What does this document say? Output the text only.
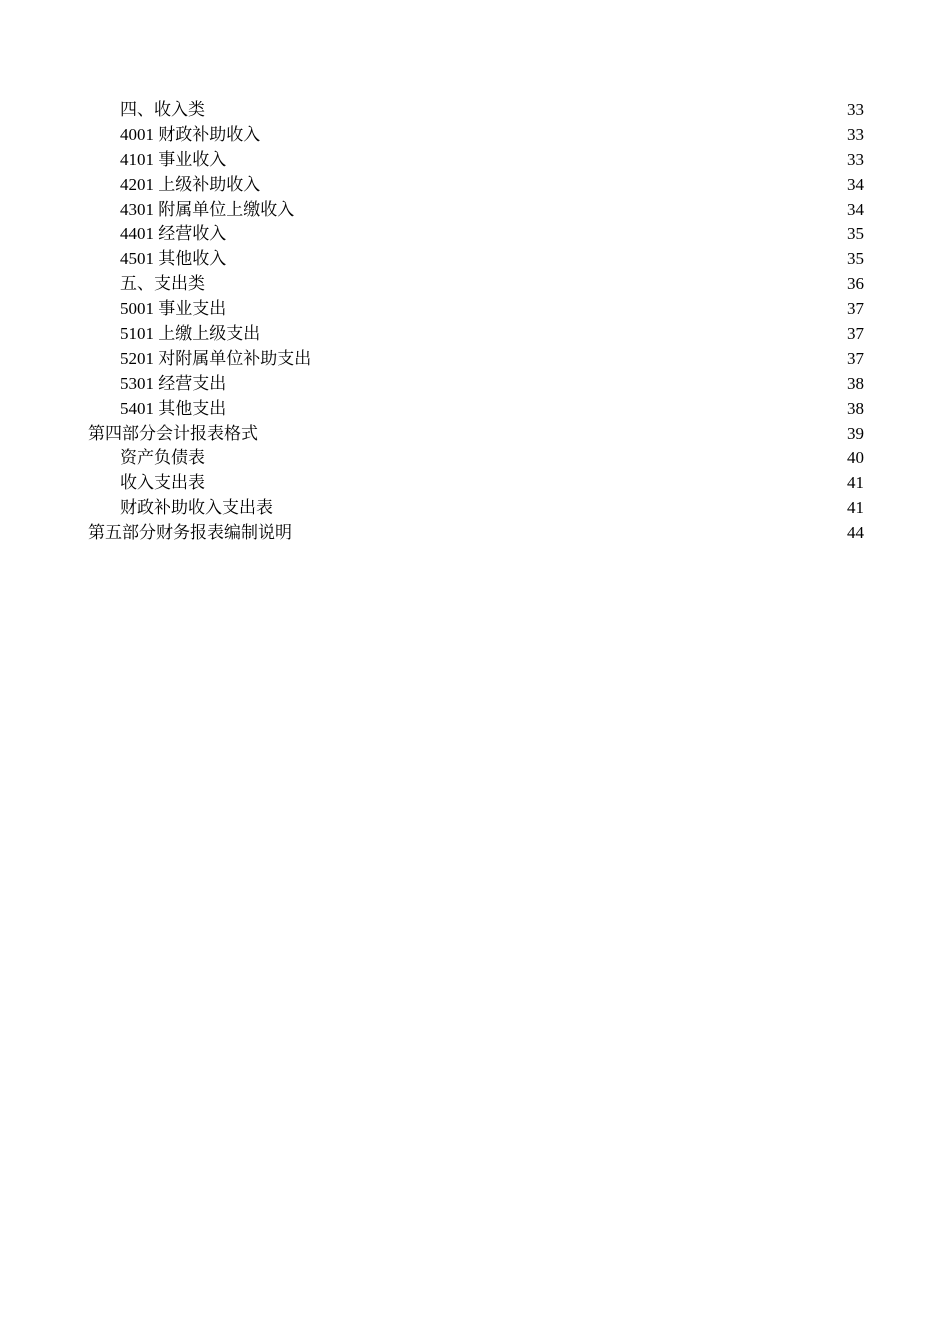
四、收入类	33
4001 财政补助收入	33
4101 事业收入	33
4201 上级补助收入	34
4301 附属单位上缴收入	34
4401 经营收入	35
4501 其他收入	35
五、支出类	36
5001 事业支出	37
5101 上缴上级支出	37
5201 对附属单位补助支出	37
5301 经营支出	38
5401 其他支出	38
第四部分会计报表格式	39
资产负债表	40
收入支出表	41
财政补助收入支出表	41
第五部分财务报表编制说明	44
